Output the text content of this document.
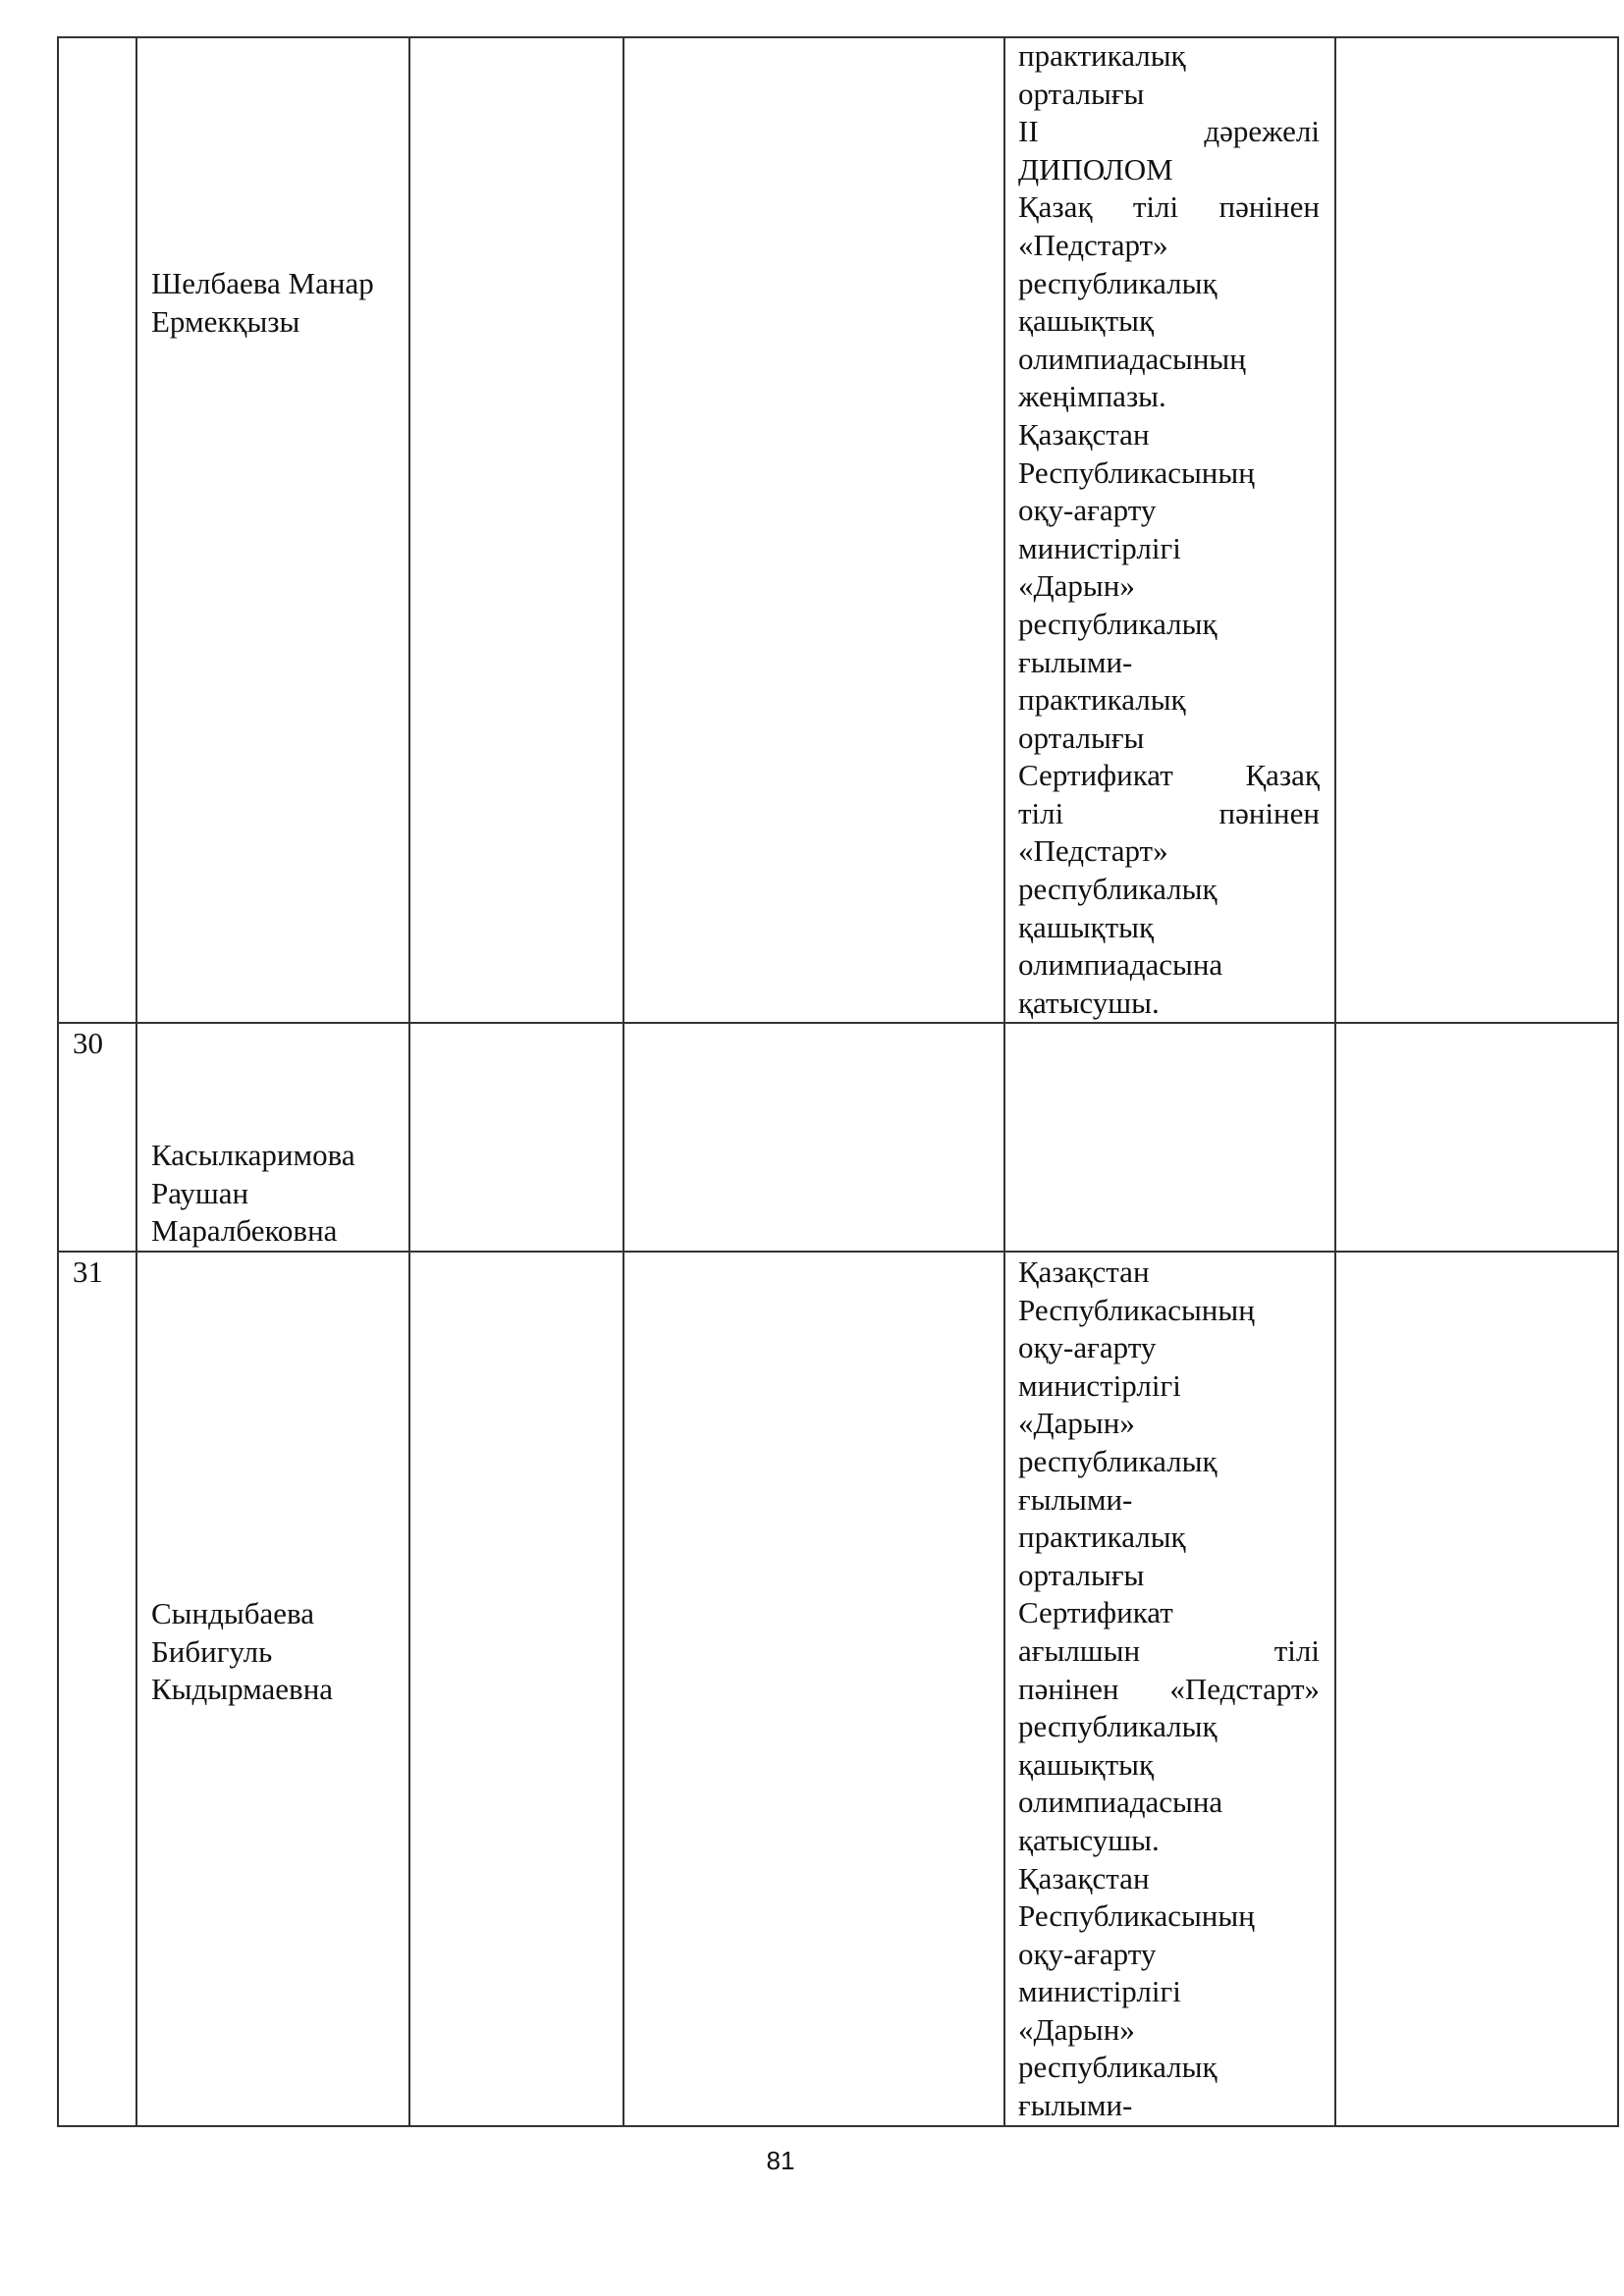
Шелбаева Манар
Ермекқызы
практикалық
орталығы
II дәрежелі
ДИПОЛОМ
Қазақ тілі пәнінен
«Педстарт»
республикалық
қашықтық
олимпиадасының
жеңімпазы.
Қазақстан
Республикасының
оқу-ағарту
министірлігі
«Дарын»
республикалық
ғылыми-
практикалық
орталығы
Сертификат Қазақ
тілі пәнінен
«Педстарт»
республикалық
қашықтық
олимпиадасына
қатысушы.
30
Касылкаримова
Раушан
Маралбековна
31
Сындыбаева
Бибигуль
Кыдырмаевна
Қазақстан
Республикасының
оқу-ағарту
министірлігі
«Дарын»
республикалық
ғылыми-
практикалық
орталығы
Сертификат
ағылшын тілі
пәнінен «Педстарт»
республикалық
қашықтық
олимпиадасына
қатысушы.
Қазақстан
Республикасының
оқу-ағарту
министірлігі
«Дарын»
республикалық
ғылыми-
81
